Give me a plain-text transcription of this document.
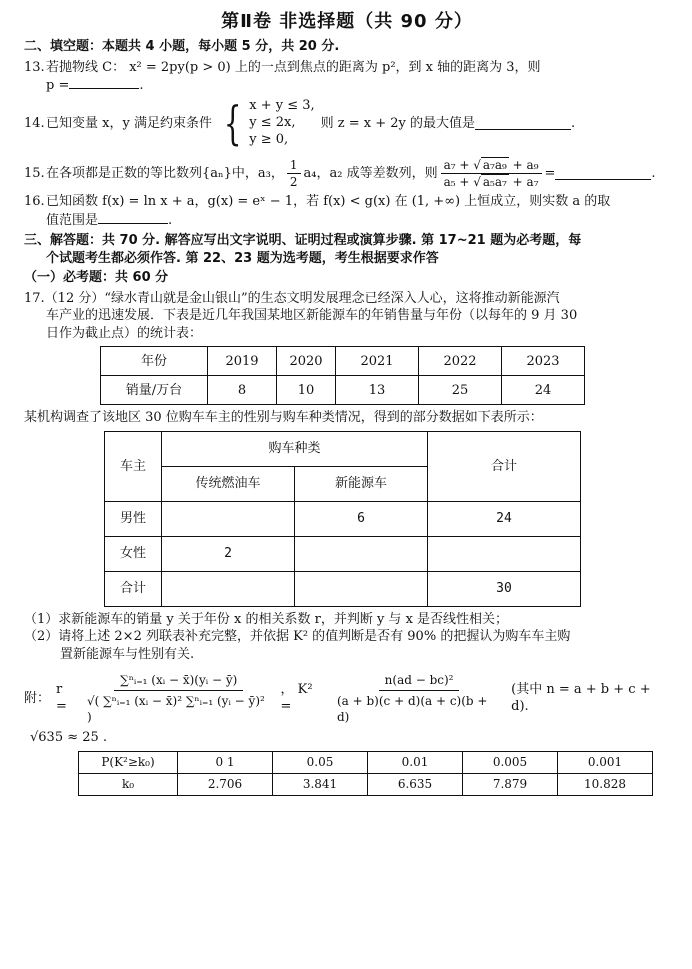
第Ⅱ卷 非选择题（共 90 分）
二、填空题：本题共 4 小题，每小题 5 分，共 20 分.
13.若抛物线 C： x² = 2py(p > 0) 上的一点到焦点的距离为 p²，到 x 轴的距离为 3，则
p =	.
14. 已知变量 x，y 满足约束条件 { x + y ≤ 3,
y ≤ 2x,
y ≥ 0,
则 z = x + 2y 的最大值是	.
15. 在各项都是正数的等比数列{aₙ}中，a₃， $\frac{1}{2} a_4$，a₂ 成等差数列，则 $\frac{\text{a₇ + √ a₇a₉ + a₉}}{\text{a₅ + √ a₅a₇ + a₇}}$ =	.
16.已知函数 f(x) = ln x + a，g(x) = eˣ − 1，若 f(x) < g(x) 在 (1, +∞) 上恒成立，则实数 a 的取
值范围是	.
三、解答题：共 70 分. 解答应写出文字说明、证明过程或演算步骤. 第 17~21 题为必考题，每
个试题考生都必须作答. 第 22、23 题为选考题，考生根据要求作答
（一）必考题：共 60 分
17.（12 分）“绿水青山就是金山银山”的生态文明发展理念已经深入人心，这将推动新能源汽
车产业的迅速发展．下表是近几年我国某地区新能源车的年销售量与年份（以每年的 9 月 30
日作为截止点）的统计表：
年份	2019	2020	2021	2022	2023
销量/万台	8	10	13	25	24
某机构调查了该地区 30 位购车车主的性别与购车种类情况，得到的部分数据如下表所示：
车主	购车种类		合计
	传统燃油车	新能源车	
男性		6	24
女性	2		
合计			30
（1）求新能源车的销量 y 关于年份 x 的相关系数 r，并判断 y 与 x 是否线性相关；
（2）请将上述 2×2 列联表补充完整，并依据 K² 的值判断是否有 90% 的把握认为购车车主购
置新能源车与性别有关.
附：
r =	$\frac{\text{∑ⁿᵢ₌₁ (xᵢ − x̄)(yᵢ − ȳ)}}{\text{√( ∑ⁿᵢ₌₁ (xᵢ − x̄)² ∑ⁿᵢ₌₁ (yᵢ − ȳ)² )}}$ ， K² =	$\frac{\text{n(ad − bc)²}}{(a + b)(c + d)(a + c)(b + d)}$ (其中 n = a + b + c + d).
√635 ≈ 25 .
P(K²≥k₀)	0 1	0.05	0.01	0.005	0.001
k₀	2.706	3.841	6.635	7.879	10.828
